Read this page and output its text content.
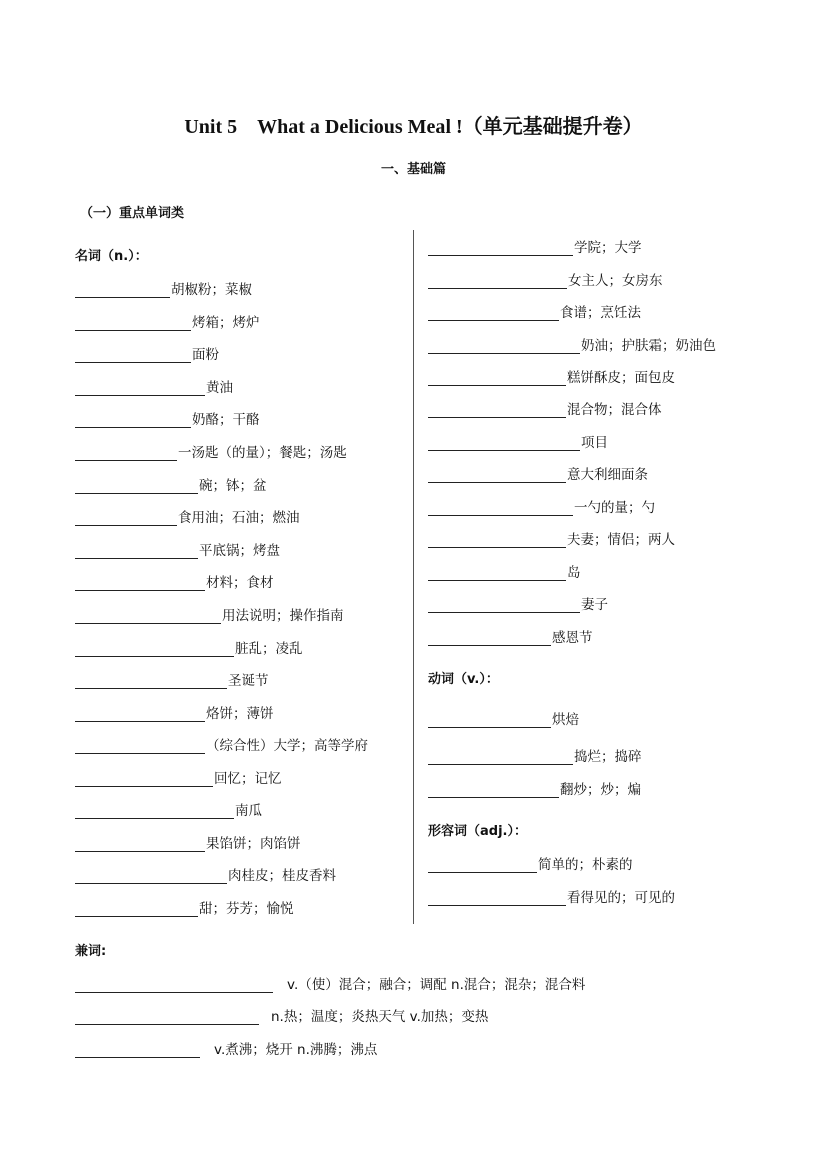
Unit 5　What a Delicious Meal !（单元基础提升卷）
一、基础篇
（一）重点单词类
名词（n.）：
胡椒粉；菜椒
烤箱；烤炉
面粉
黄油
奶酪；干酪
一汤匙（的量）；餐匙；汤匙
碗；钵；盆
食用油；石油；燃油
平底锅；烤盘
材料；食材
用法说明；操作指南
脏乱；凌乱
圣诞节
烙饼；薄饼
（综合性）大学；高等学府
回忆；记忆
南瓜
果馅饼；肉馅饼
肉桂皮；桂皮香料
甜；芬芳；愉悦
学院；大学
女主人；女房东
食谱；烹饪法
奶油；护肤霜；奶油色
糕饼酥皮；面包皮
混合物；混合体
项目
意大利细面条
一勺的量；勺
夫妻；情侣；两人
岛
妻子
感恩节
动词（v.）：
烘焙
捣烂；捣碎
翻炒；炒；煸
形容词（adj.）：
简单的；朴素的
看得见的；可见的
兼词:
v.（使）混合；融合；调配 n.混合；混杂；混合料
n.热；温度；炎热天气 v.加热；变热
v.煮沸；烧开 n.沸腾；沸点
